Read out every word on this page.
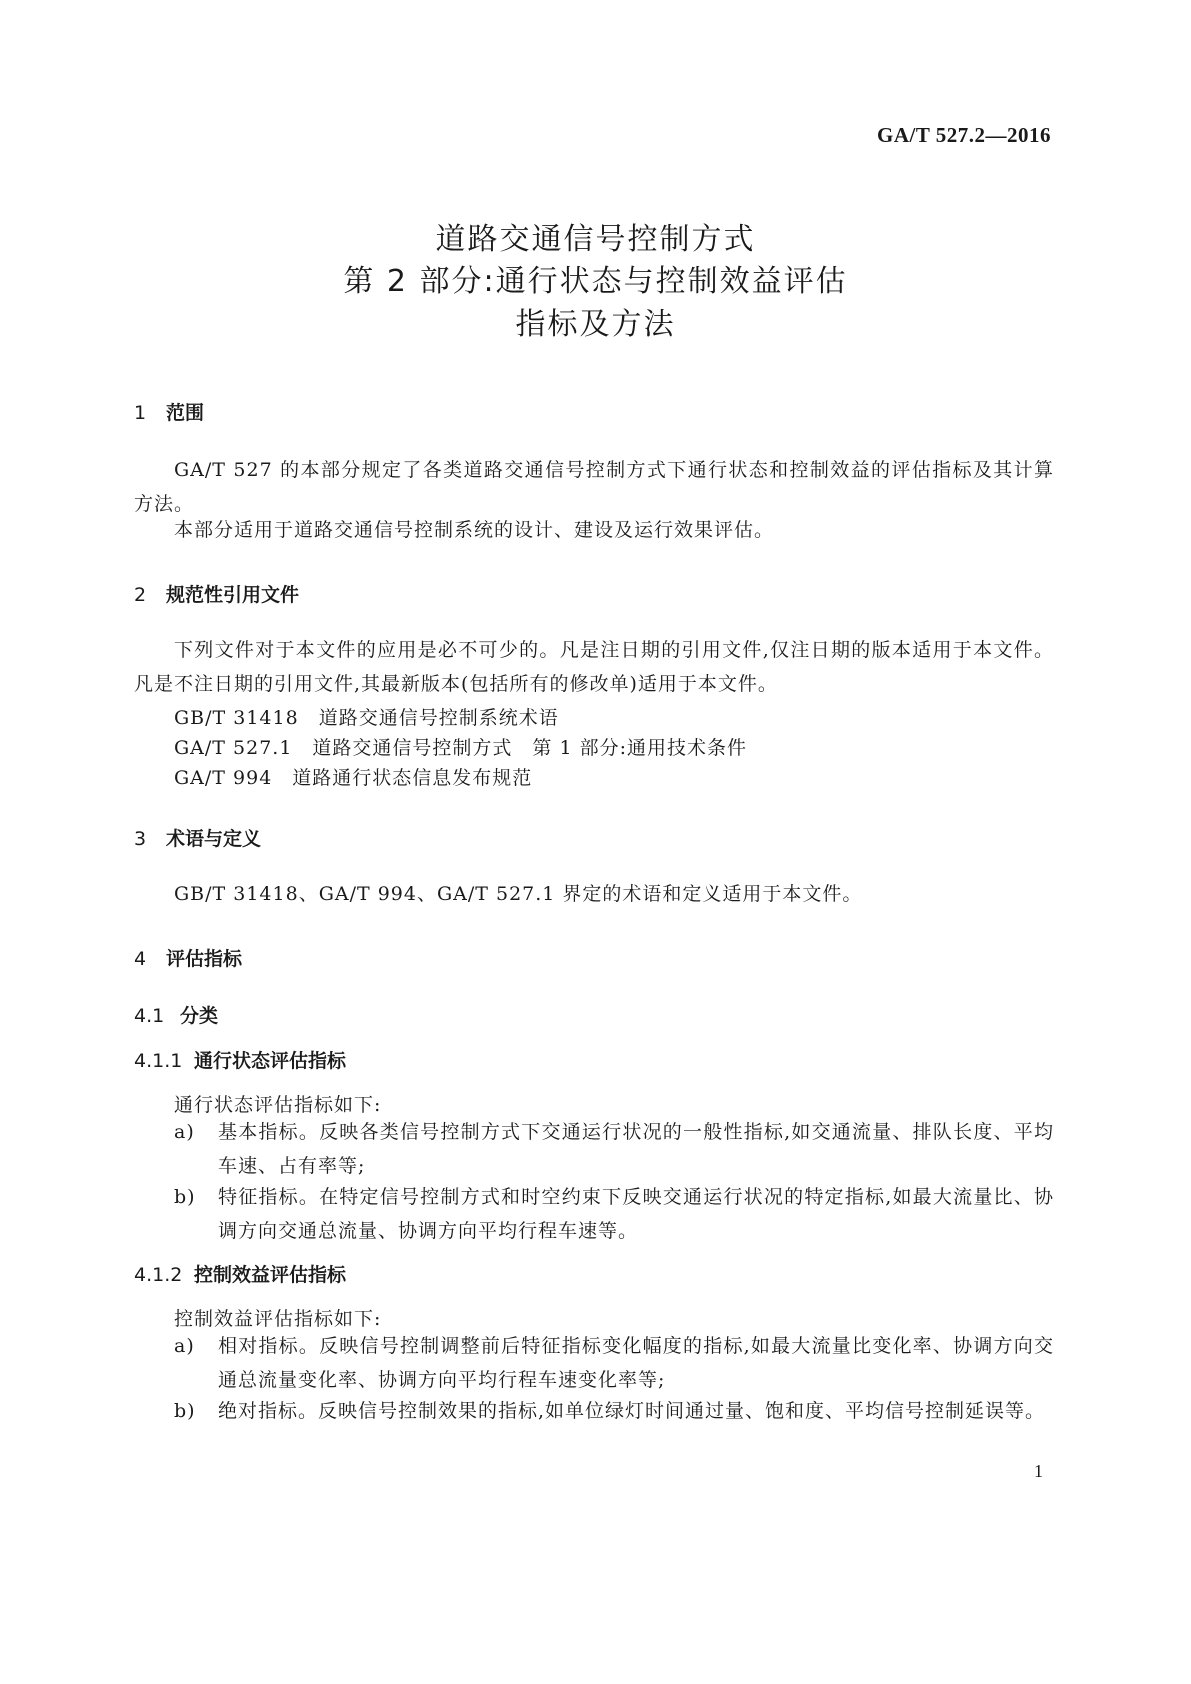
GA/T 527.2—2016
道路交通信号控制方式
第 2 部分:通行状态与控制效益评估
指标及方法
1 范围
GA/T 527 的本部分规定了各类道路交通信号控制方式下通行状态和控制效益的评估指标及其计算方法。
本部分适用于道路交通信号控制系统的设计、建设及运行效果评估。
2 规范性引用文件
下列文件对于本文件的应用是必不可少的。凡是注日期的引用文件,仅注日期的版本适用于本文件。凡是不注日期的引用文件,其最新版本(包括所有的修改单)适用于本文件。
GB/T 31418 道路交通信号控制系统术语
GA/T 527.1 道路交通信号控制方式　第 1 部分:通用技术条件
GA/T 994 道路通行状态信息发布规范
3 术语与定义
GB/T 31418、GA/T 994、GA/T 527.1 界定的术语和定义适用于本文件。
4 评估指标
4.1 分类
4.1.1 通行状态评估指标
通行状态评估指标如下:
a)	基本指标。反映各类信号控制方式下交通运行状况的一般性指标,如交通流量、排队长度、平均车速、占有率等;
b)	特征指标。在特定信号控制方式和时空约束下反映交通运行状况的特定指标,如最大流量比、协调方向交通总流量、协调方向平均行程车速等。
4.1.2 控制效益评估指标
控制效益评估指标如下:
a)	相对指标。反映信号控制调整前后特征指标变化幅度的指标,如最大流量比变化率、协调方向交通总流量变化率、协调方向平均行程车速变化率等;
b)	绝对指标。反映信号控制效果的指标,如单位绿灯时间通过量、饱和度、平均信号控制延误等。
1
